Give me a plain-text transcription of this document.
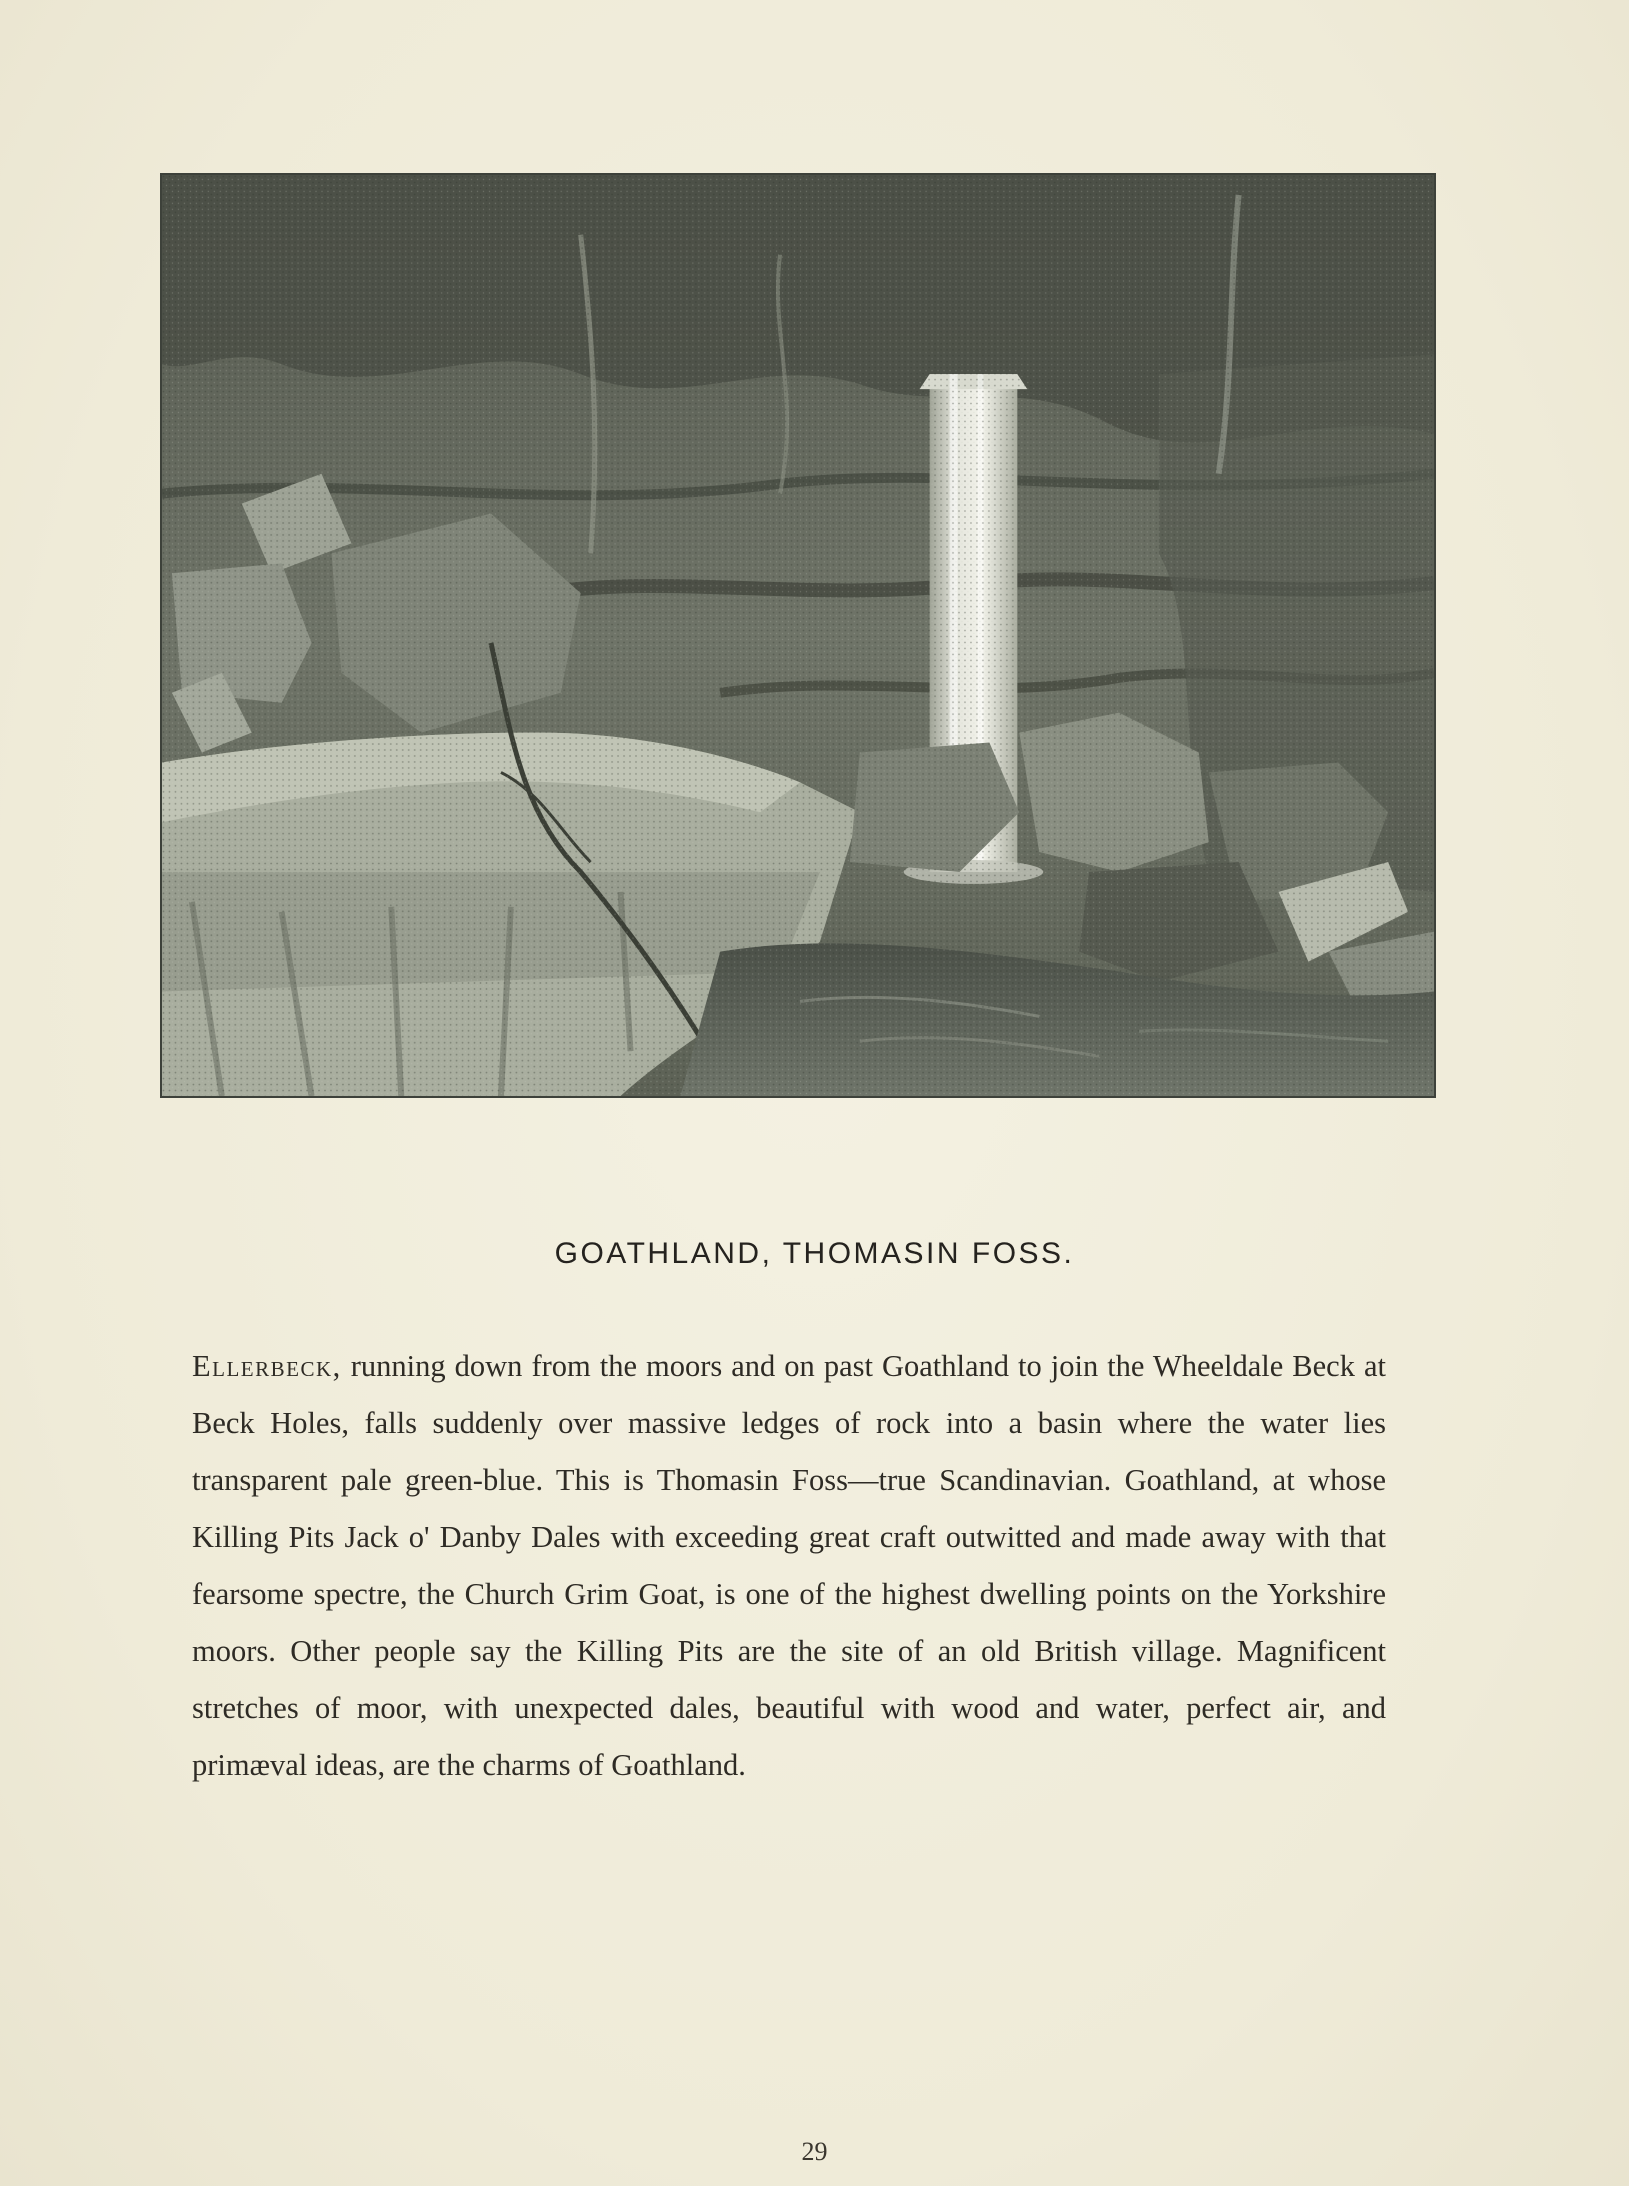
GOATHLAND, THOMASIN FOSS.
Ellerbeck, running down from the moors and on past Goathland to join the Wheeldale Beck at Beck Holes, falls suddenly over massive ledges of rock into a basin where the water lies transparent pale green-blue. This is Thomasin Foss—true Scandinavian. Goathland, at whose Killing Pits Jack o' Danby Dales with exceeding great craft outwitted and made away with that fearsome spectre, the Church Grim Goat, is one of the highest dwelling points on the Yorkshire moors. Other people say the Killing Pits are the site of an old British village. Magnificent stretches of moor, with unexpected dales, beautiful with wood and water, perfect air, and primæval ideas, are the charms of Goathland.
29
